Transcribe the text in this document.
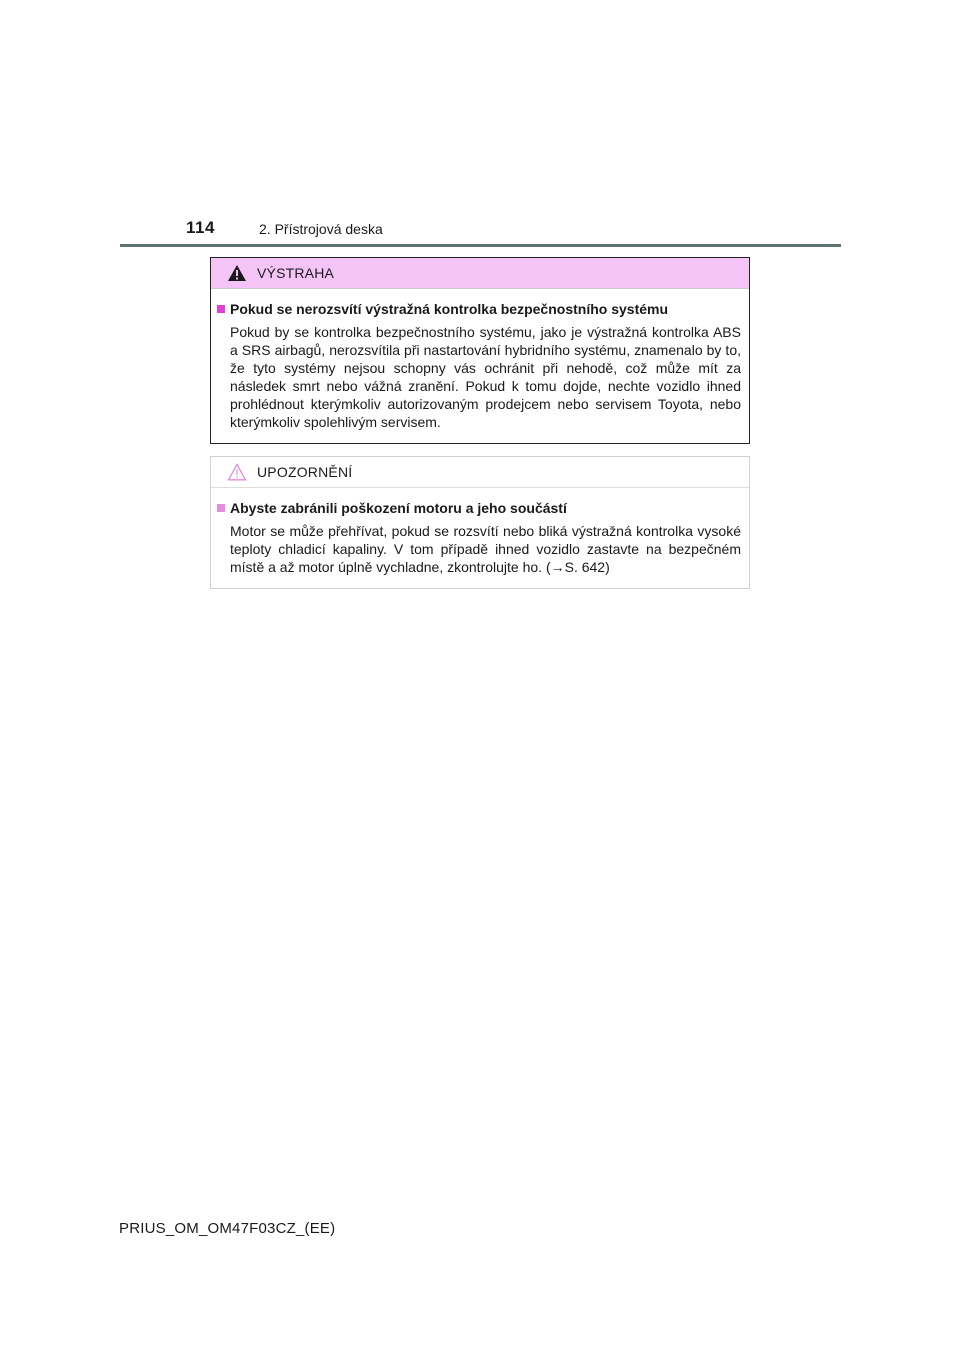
114	2. Přístrojová deska
VÝSTRAHA
Pokud se nerozsvítí výstražná kontrolka bezpečnostního systému
Pokud by se kontrolka bezpečnostního systému, jako je výstražná kontrolka ABS a SRS airbagů, nerozsvítila při nastartování hybridního systému, znamenalo by to, že tyto systémy nejsou schopny vás ochránit při nehodě, což může mít za následek smrt nebo vážná zranění. Pokud k tomu dojde, nechte vozidlo ihned prohlédnout kterýmkoliv autorizovaným prodejcem nebo servisem Toyota, nebo kterýmkoliv spolehlivým servisem.
UPOZORNĚNÍ
Abyste zabránili poškození motoru a jeho součástí
Motor se může přehřívat, pokud se rozsvítí nebo bliká výstražná kontrolka vysoké teploty chladicí kapaliny. V tom případě ihned vozidlo zastavte na bezpečném místě a až motor úplně vychladne, zkontrolujte ho. (→S. 642)
PRIUS_OM_OM47F03CZ_(EE)
